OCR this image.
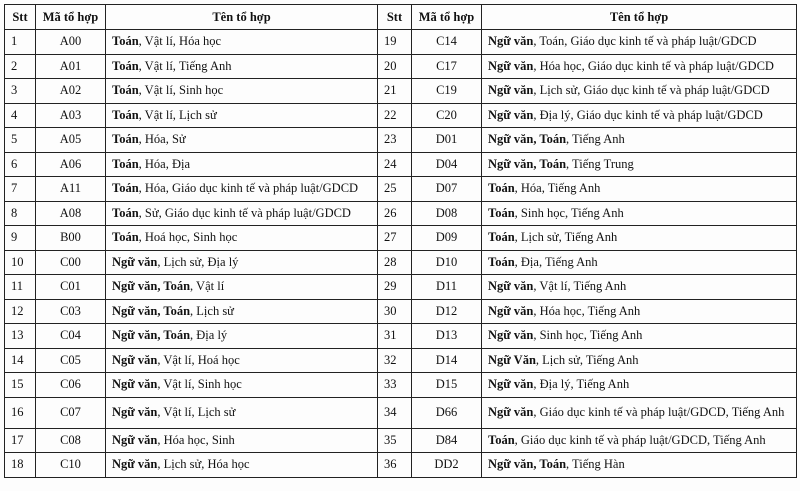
Stt	Mã tổ hợp	Tên tổ hợp	Stt	Mã tổ hợp	Tên tổ hợp
1	A00	Toán, Vật lí, Hóa học	19	C14	Ngữ văn, Toán, Giáo dục kinh tế và pháp luật/GDCD
2	A01	Toán, Vật lí, Tiếng Anh	20	C17	Ngữ văn, Hóa học, Giáo dục kinh tế và pháp luật/GDCD
3	A02	Toán, Vật lí, Sinh học	21	C19	Ngữ văn, Lịch sử, Giáo dục kinh tế và pháp luật/GDCD
4	A03	Toán, Vật lí, Lịch sử	22	C20	Ngữ văn, Địa lý, Giáo dục kinh tế và pháp luật/GDCD
5	A05	Toán, Hóa, Sử	23	D01	Ngữ văn, Toán, Tiếng Anh
6	A06	Toán, Hóa, Địa	24	D04	Ngữ văn, Toán, Tiếng Trung
7	A11	Toán, Hóa, Giáo dục kinh tế và pháp luật/GDCD	25	D07	Toán, Hóa, Tiếng Anh
8	A08	Toán, Sử, Giáo dục kinh tế và pháp luật/GDCD	26	D08	Toán, Sinh học, Tiếng Anh
9	B00	Toán, Hoá học, Sinh học	27	D09	Toán, Lịch sử, Tiếng Anh
10	C00	Ngữ văn, Lịch sử, Địa lý	28	D10	Toán, Địa, Tiếng Anh
11	C01	Ngữ văn, Toán, Vật lí	29	D11	Ngữ văn, Vật lí, Tiếng Anh
12	C03	Ngữ văn, Toán, Lịch sử	30	D12	Ngữ văn, Hóa học, Tiếng Anh
13	C04	Ngữ văn, Toán, Địa lý	31	D13	Ngữ văn, Sinh học, Tiếng Anh
14	C05	Ngữ văn, Vật lí, Hoá học	32	D14	Ngữ Văn, Lịch sử, Tiếng Anh
15	C06	Ngữ văn, Vật lí, Sinh học	33	D15	Ngữ văn, Địa lý, Tiếng Anh
16	C07	Ngữ văn, Vật lí, Lịch sử	34	D66	Ngữ văn, Giáo dục kinh tế và pháp luật/GDCD, Tiếng Anh
17	C08	Ngữ văn, Hóa học, Sinh	35	D84	Toán, Giáo dục kinh tế và pháp luật/GDCD, Tiếng Anh
18	C10	Ngữ văn, Lịch sử, Hóa học	36	DD2	Ngữ văn, Toán, Tiếng Hàn
